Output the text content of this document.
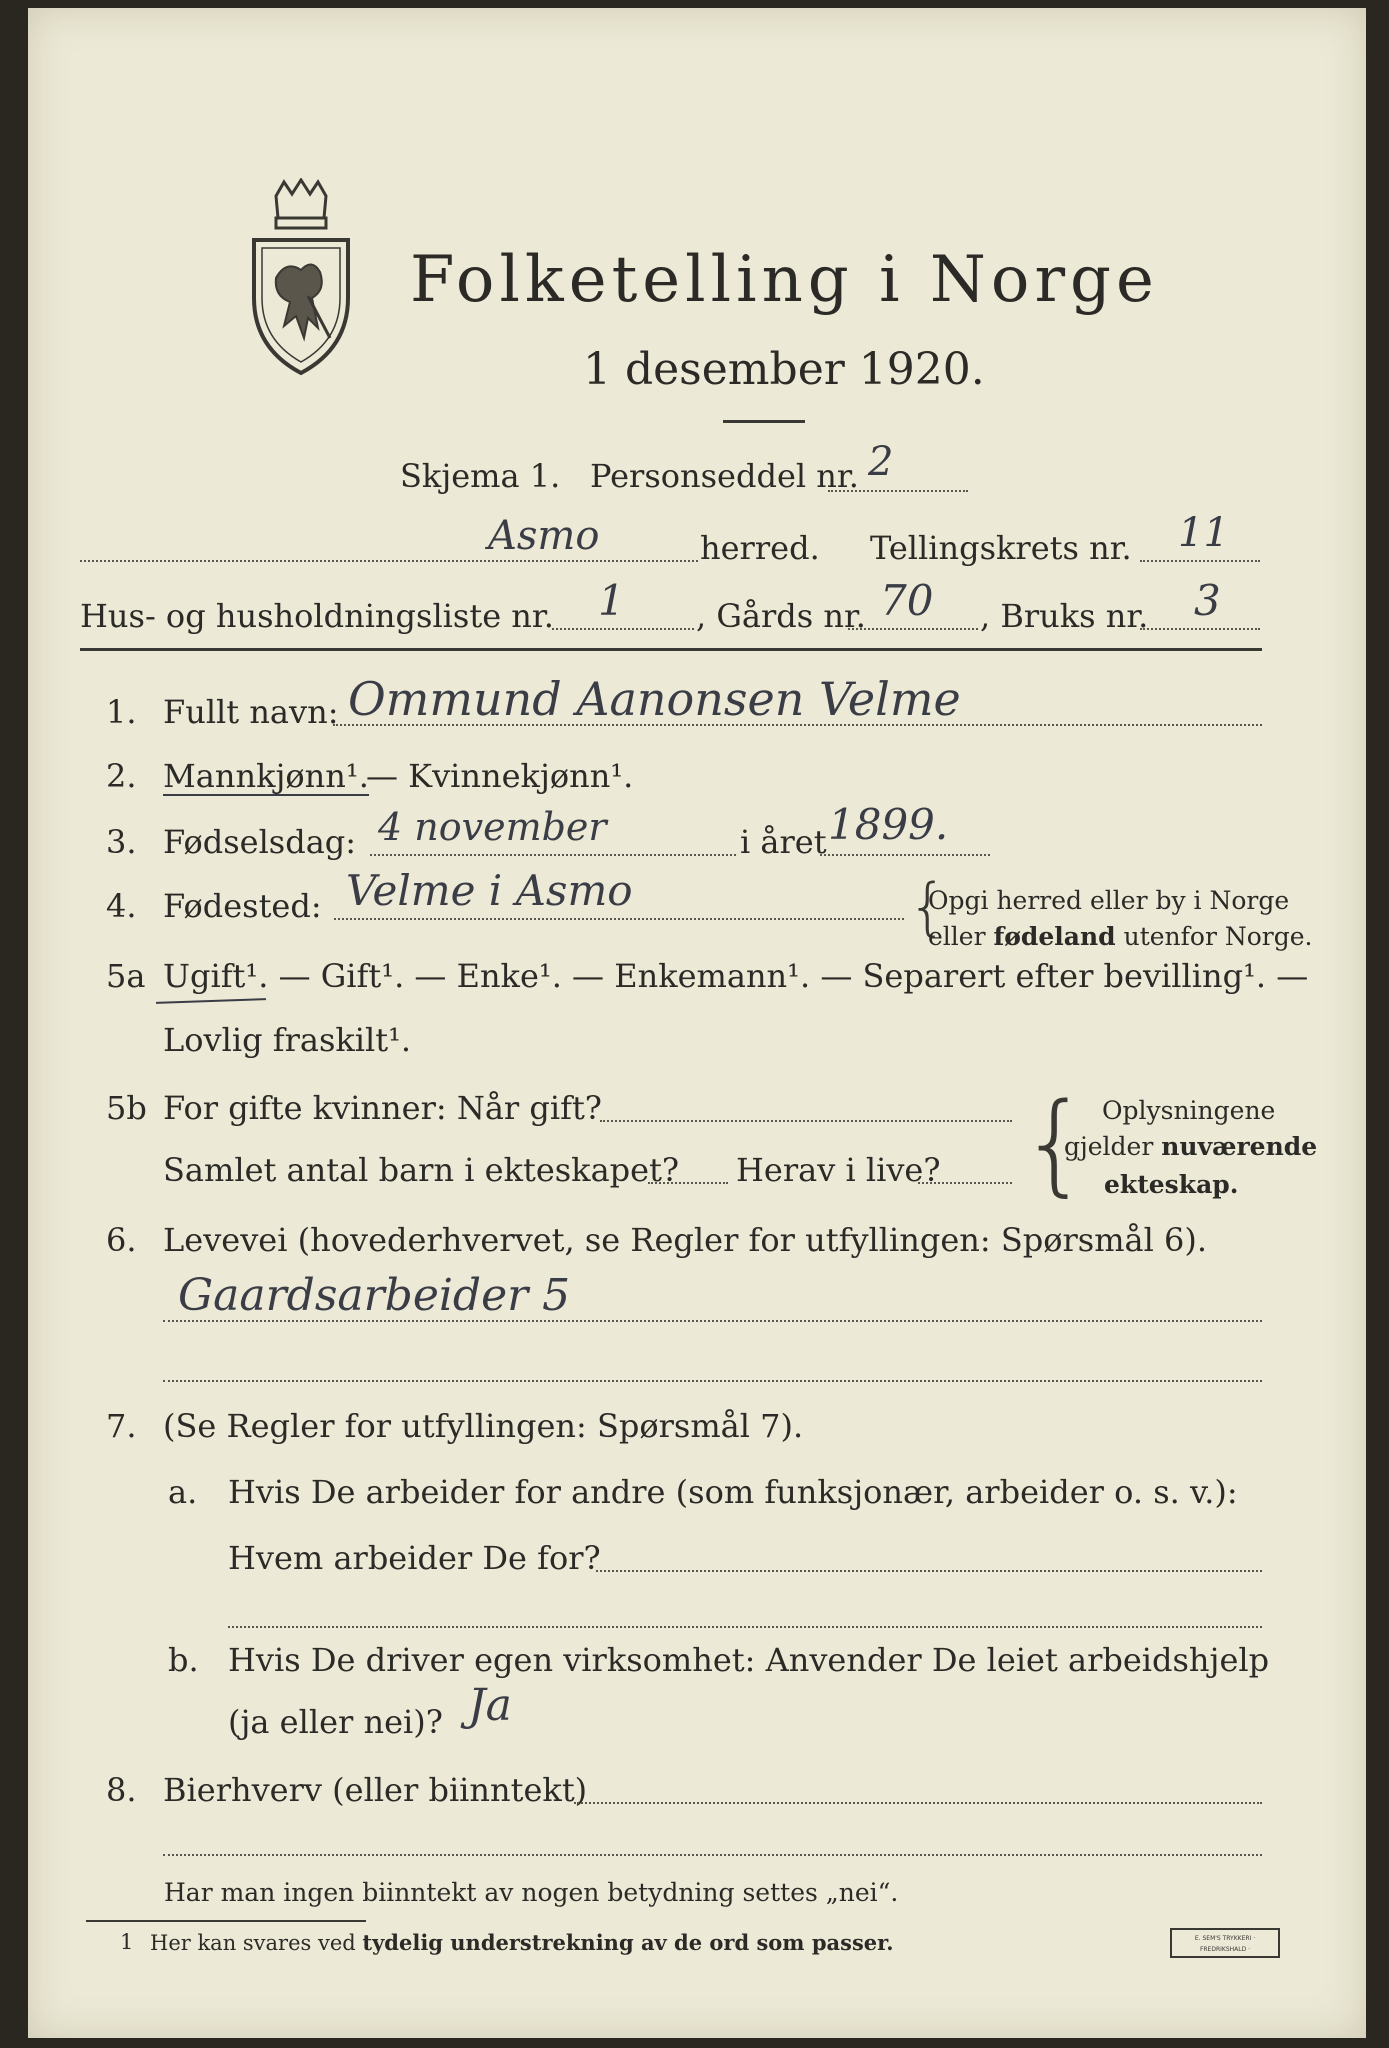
Folketelling i Norge
1 desember 1920.
Skjema 1. Personseddel nr. 2
Asmo	herred. Tellingskrets nr. 11
Hus- og husholdningsliste nr. 1 , Gårds nr. 70 , Bruks nr. 3
1. Fullt navn: Ommund Aanonsen Velme
2. Mannkjønn¹.
— Kvinnekjønn¹.
3. Fødselsdag: 4 november	i året 1899.
4. Fødested: Velme i Asmo	{
Opgi herred eller by i Norge
eller fødeland utenfor Norge.
5a Ugift¹. — Gift¹. — Enke¹. — Enkemann¹. — Separert efter bevilling¹. —
Lovlig fraskilt¹.
5b For gifte kvinner: Når gift?
Samlet antal barn i ekteskapet? Herav i live? { Oplysningene
gjelder nuværende
ekteskap.
6. Levevei (hovederhvervet, se Regler for utfyllingen: Spørsmål 6).
Gaardsarbeider 5
7. (Se Regler for utfyllingen: Spørsmål 7).
a. Hvis De arbeider for andre (som funksjonær, arbeider o. s. v.):
Hvem arbeider De for?
b. Hvis De driver egen virksomhet: Anvender De leiet arbeidshjelp
(ja eller nei)? Ja
8. Bierhverv (eller biinntekt)
Har man ingen biinntekt av nogen betydning settes „nei“.
1 Her kan svares ved tydelig understrekning av de ord som passer.	E. SEM'S TRYKKERI · FREDRIKSHALD ·
